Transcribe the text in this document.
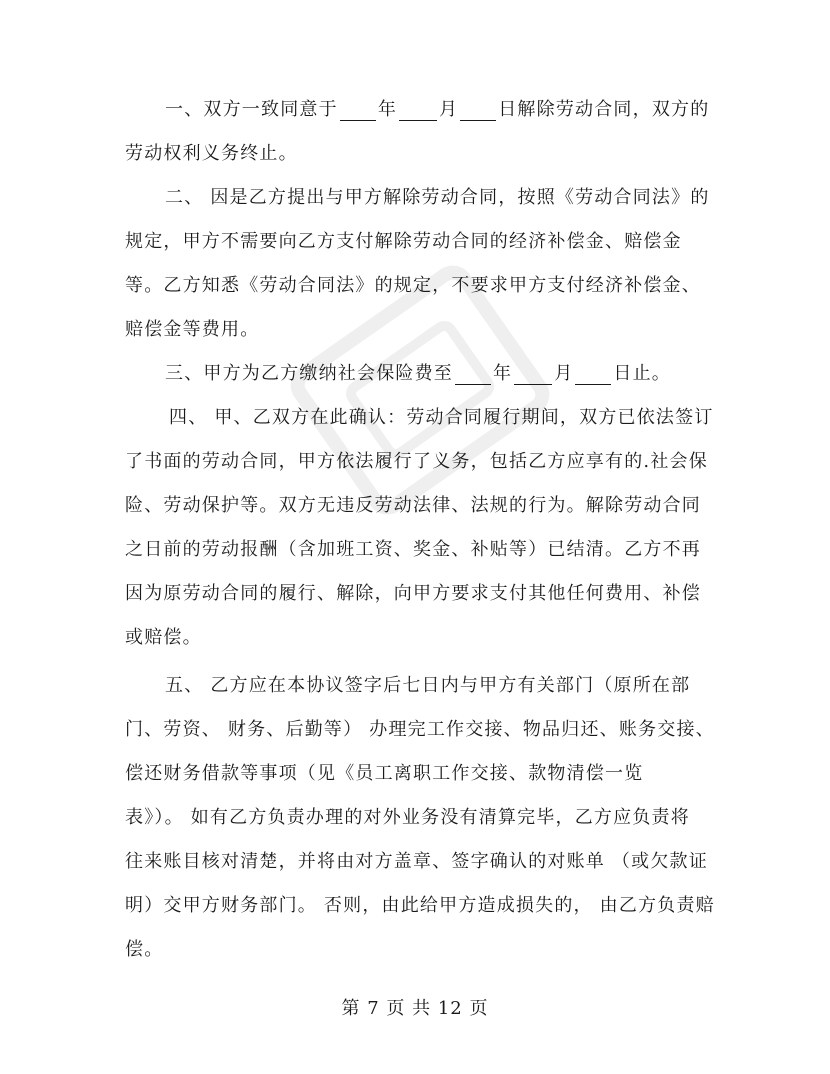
一、双方一致同意于 年 月 日解除劳动合同，双方的

劳动权利义务终止。

二、 因是乙方提出与甲方解除劳动合同，按照《劳动合同法》的

规定，甲方不需要向乙方支付解除劳动合同的经济补偿金、赔偿金

等。乙方知悉《劳动合同法》的规定，不要求甲方支付经济补偿金、

赔偿金等费用。

三、甲方为乙方缴纳社会保险费至 年 月 日止。

四、 甲、乙双方在此确认：劳动合同履行期间，双方已依法签订

了书面的劳动合同，甲方依法履行了义务，包括乙方应享有的.社会保

险、劳动保护等。双方无违反劳动法律、法规的行为。解除劳动合同

之日前的劳动报酬（含加班工资、奖金、补贴等）已结清。乙方不再

因为原劳动合同的履行、解除，向甲方要求支付其他任何费用、补偿

或赔偿。

五、 乙方应在本协议签字后七日内与甲方有关部门（原所在部

门、劳资、 财务、后勤等） 办理完工作交接、物品归还、账务交接、

偿还财务借款等事项（见《员工离职工作交接、款物清偿一览

表》）。 如有乙方负责办理的对外业务没有清算完毕，乙方应负责将

往来账目核对清楚，并将由对方盖章、签字确认的对账单 （或欠款证

明）交甲方财务部门。 否则，由此给甲方造成损失的， 由乙方负责赔

偿。

第 7 页 共 12 页
